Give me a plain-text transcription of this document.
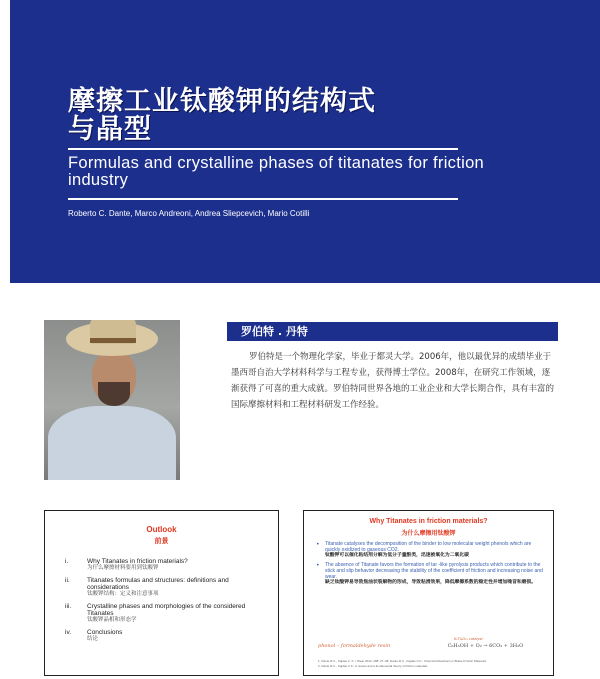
摩擦工业钛酸钾的结构式
与晶型

Formulas and crystalline phases of titanates for friction industry

Roberto C. Dante, Marco Andreoni, Andrea Sliepcevich, Mario Cotilli

罗伯特 . 丹特

罗伯特是一个物理化学家，毕业于都灵大学。2006年，他以最优异的成绩毕业于墨西哥自治大学材料科学与工程专业，获得博士学位。2008年，在研究工作领域，逐渐获得了可喜的重大成就。罗伯特同世界各地的工业企业和大学长期合作，具有丰富的国际摩擦材料和工程材料研发工作经验。

Outlook

前景

i.	Why Titanates in friction materials?
为什么摩擦材料要用到钛酸钾
ii.	Titanates formulas and structures: definitions and considerations
钛酸钾结构：定义和注意事项
iii. Crystalline phases and morphologies of the considered Titanates
钛酸钾晶相和形态学
iv. Conclusions
结论

Why Titanates in friction materials?

为什么摩擦用钛酸钾

• Titanate catalyses the decomposition of the binder to low molecular weight phenols which are quickly oxidized to gaseous CO2.
钛酸钾可以催化粘结剂分解为低分子量酚类，迅速被氧化为二氧化碳
• The absence of Titanate favors the formation of tar -like pyrolysis products which contribute to the stick and slip behavior decreasing the stability of the coefficient of friction and increasing noise and wear.
缺乏钛酸钾易导致焦油状裂解物的形成，导致粘滑效果，降低摩擦系数的稳定性并增加噪音和磨损。
K₂Ti₆O₁₃ catalyst
phenol – formaldehyde resin	C₆H₅OH + O₂ → 6CO₂ + 3H₂O
1. Dante R.C., Kajdas C. K. / Wear 2012, 288: 27–38; Dante R.C., Kajdas C.K.: Chemical Reactions in Brake Friction Materials
2. Dante R.C., Kajdas C.K.: A review and a fundamental theory of friction materials
